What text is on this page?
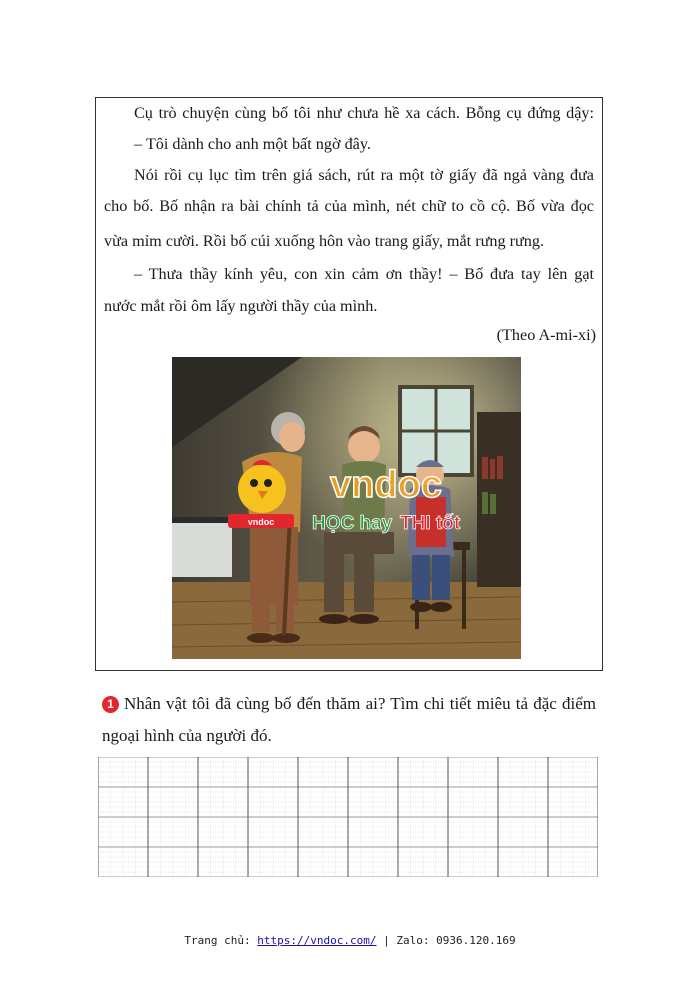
Cụ trò chuyện cùng bố tôi như chưa hề xa cách. Bỗng cụ đứng dậy:
– Tôi dành cho anh một bất ngờ đây.
Nói rồi cụ lục tìm trên giá sách, rút ra một tờ giấy đã ngả vàng đưa
cho bố. Bố nhận ra bài chính tả của mình, nét chữ to cồ cộ. Bố vừa đọc
vừa mỉm cười. Rồi bố cúi xuống hôn vào trang giấy, mắt rưng rưng.
– Thưa thầy kính yêu, con xin cảm ơn thầy! – Bố đưa tay lên gạt
nước mắt rồi ôm lấy người thầy của mình.
(Theo A-mi-xi)
vndoc
vndoc
HỌC hay THI tốt
1 Nhân vật tôi đã cùng bố đến thăm ai? Tìm chi tiết miêu tả đặc điểm ngoại hình của người đó.
Trang chủ: https://vndoc.com/ | Zalo: 0936.120.169
